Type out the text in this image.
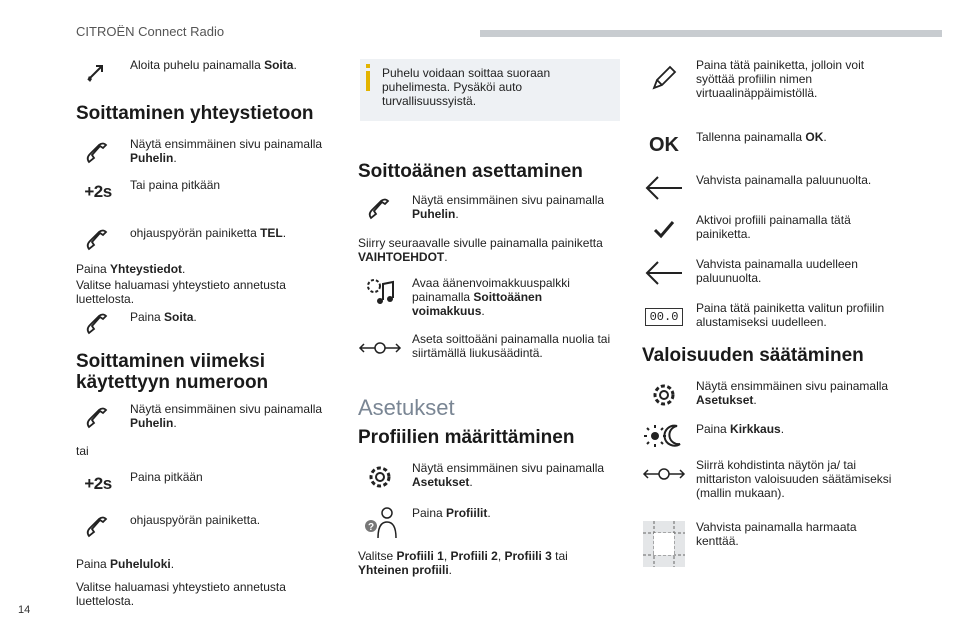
CITROËN Connect Radio
14
Aloita puhelu painamalla Soita.
Soittaminen yhteystietoon
Näytä ensimmäinen sivu painamalla Puhelin.
+2s Tai paina pitkään
ohjauspyörän painiketta TEL.
Paina Yhteystiedot.
Valitse haluamasi yhteystieto annetusta luettelosta.
Paina Soita.
Soittaminen viimeksi
käytettyyn numeroon
Näytä ensimmäinen sivu painamalla Puhelin.
tai
+2s Paina pitkään
ohjauspyörän painiketta.
Paina Puheluloki.
Valitse haluamasi yhteystieto annetusta luettelosta.
Puhelu voidaan soittaa suoraan puhelimesta. Pysäköi auto turvallisuussyistä.
Soittoäänen asettaminen
Näytä ensimmäinen sivu painamalla Puhelin.
Siirry seuraavalle sivulle painamalla painiketta VAIHTOEHDOT.
Avaa äänenvoimakkuuspalkki painamalla Soittoäänen voimakkuus.
Aseta soittoääni painamalla nuolia tai siirtämällä liukusäädintä.
Asetukset
Profiilien määrittäminen
Näytä ensimmäinen sivu painamalla Asetukset.
?
Paina Profiilit.
Valitse Profiili 1, Profiili 2, Profiili 3 tai Yhteinen profiili.
Paina tätä painiketta, jolloin voit syöttää profiilin nimen virtuaalinäppäimistöllä.
OK Tallenna painamalla OK.
Vahvista painamalla paluunuolta.
Aktivoi profiili painamalla tätä painiketta.
Vahvista painamalla uudelleen paluunuolta.
00.0
Paina tätä painiketta valitun profiilin alustamiseksi uudelleen.
Valoisuuden säätäminen
Näytä ensimmäinen sivu painamalla Asetukset.
Paina Kirkkaus.
Siirrä kohdistinta näytön ja/ tai mittariston valoisuuden säätämiseksi (mallin mukaan).
Vahvista painamalla harmaata kenttää.
